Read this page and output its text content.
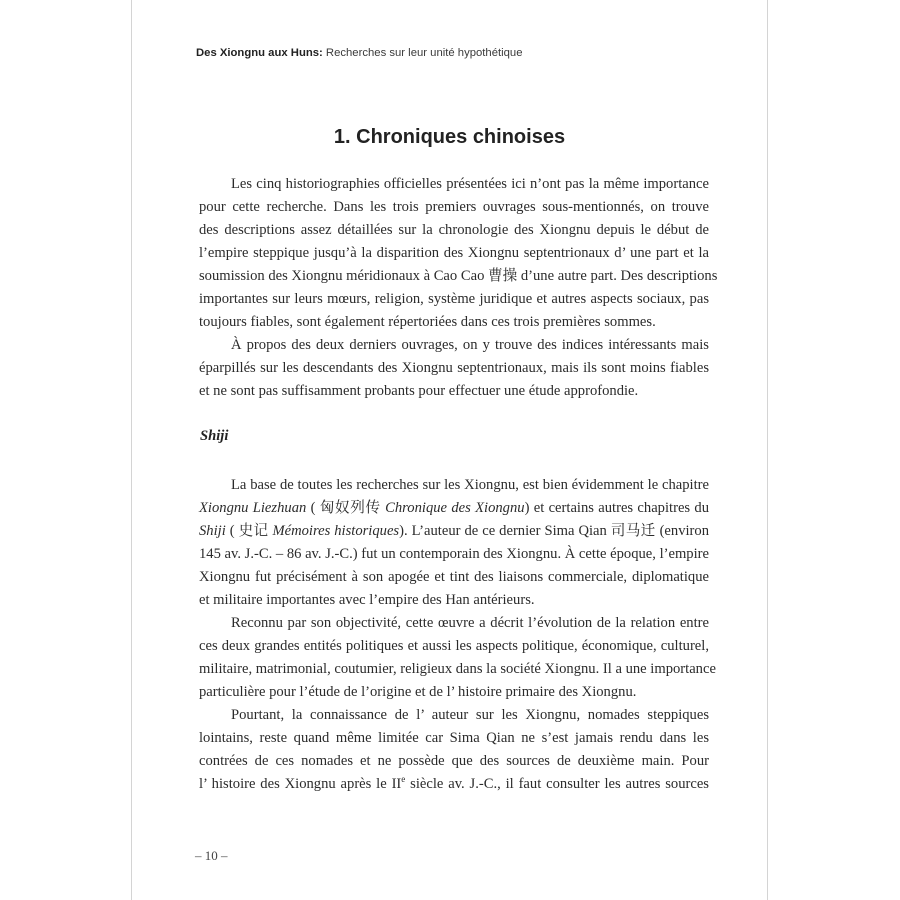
Des Xiongnu aux Huns: Recherches sur leur unité hypothétique
1. Chroniques chinoises
Les cinq historiographies officielles présentées ici n’ont pas la même importance
pour cette recherche. Dans les trois premiers ouvrages sous-mentionnés, on trouve
des descriptions assez détaillées sur la chronologie des Xiongnu depuis le début de
l’empire steppique jusqu’à la disparition des Xiongnu septentrionaux d’ une part et la
soumission des Xiongnu méridionaux à Cao Cao 曹操 d’une autre part. Des descriptions
importantes sur leurs mœurs, religion, système juridique et autres aspects sociaux, pas
toujours fiables, sont également répertoriées dans ces trois premières sommes.
À propos des deux derniers ouvrages, on y trouve des indices intéressants mais
éparpillés sur les descendants des Xiongnu septentrionaux, mais ils sont moins fiables
et ne sont pas suffisamment probants pour effectuer une étude approfondie.
Shiji
La base de toutes les recherches sur les Xiongnu, est bien évidemment le chapitre
Xiongnu Liezhuan ( 匈奴列传 Chronique des Xiongnu) et certains autres chapitres du
Shiji ( 史记 Mémoires historiques). L’auteur de ce dernier Sima Qian 司马迁 (environ
145 av. J.-C. – 86 av. J.-C.) fut un contemporain des Xiongnu. À cette époque, l’empire
Xiongnu fut précisément à son apogée et tint des liaisons commerciale, diplomatique
et militaire importantes avec l’empire des Han antérieurs.
Reconnu par son objectivité, cette œuvre a décrit l’évolution de la relation entre
ces deux grandes entités politiques et aussi les aspects politique, économique, culturel,
militaire, matrimonial, coutumier, religieux dans la société Xiongnu. Il a une importance
particulière pour l’étude de l’origine et de l’ histoire primaire des Xiongnu.
Pourtant, la connaissance de l’ auteur sur les Xiongnu, nomades steppiques
lointains, reste quand même limitée car Sima Qian ne s’est jamais rendu dans les
contrées de ces nomades et ne possède que des sources de deuxième main. Pour
l’ histoire des Xiongnu après le IIe siècle av. J.-C., il faut consulter les autres sources
– 10 –
